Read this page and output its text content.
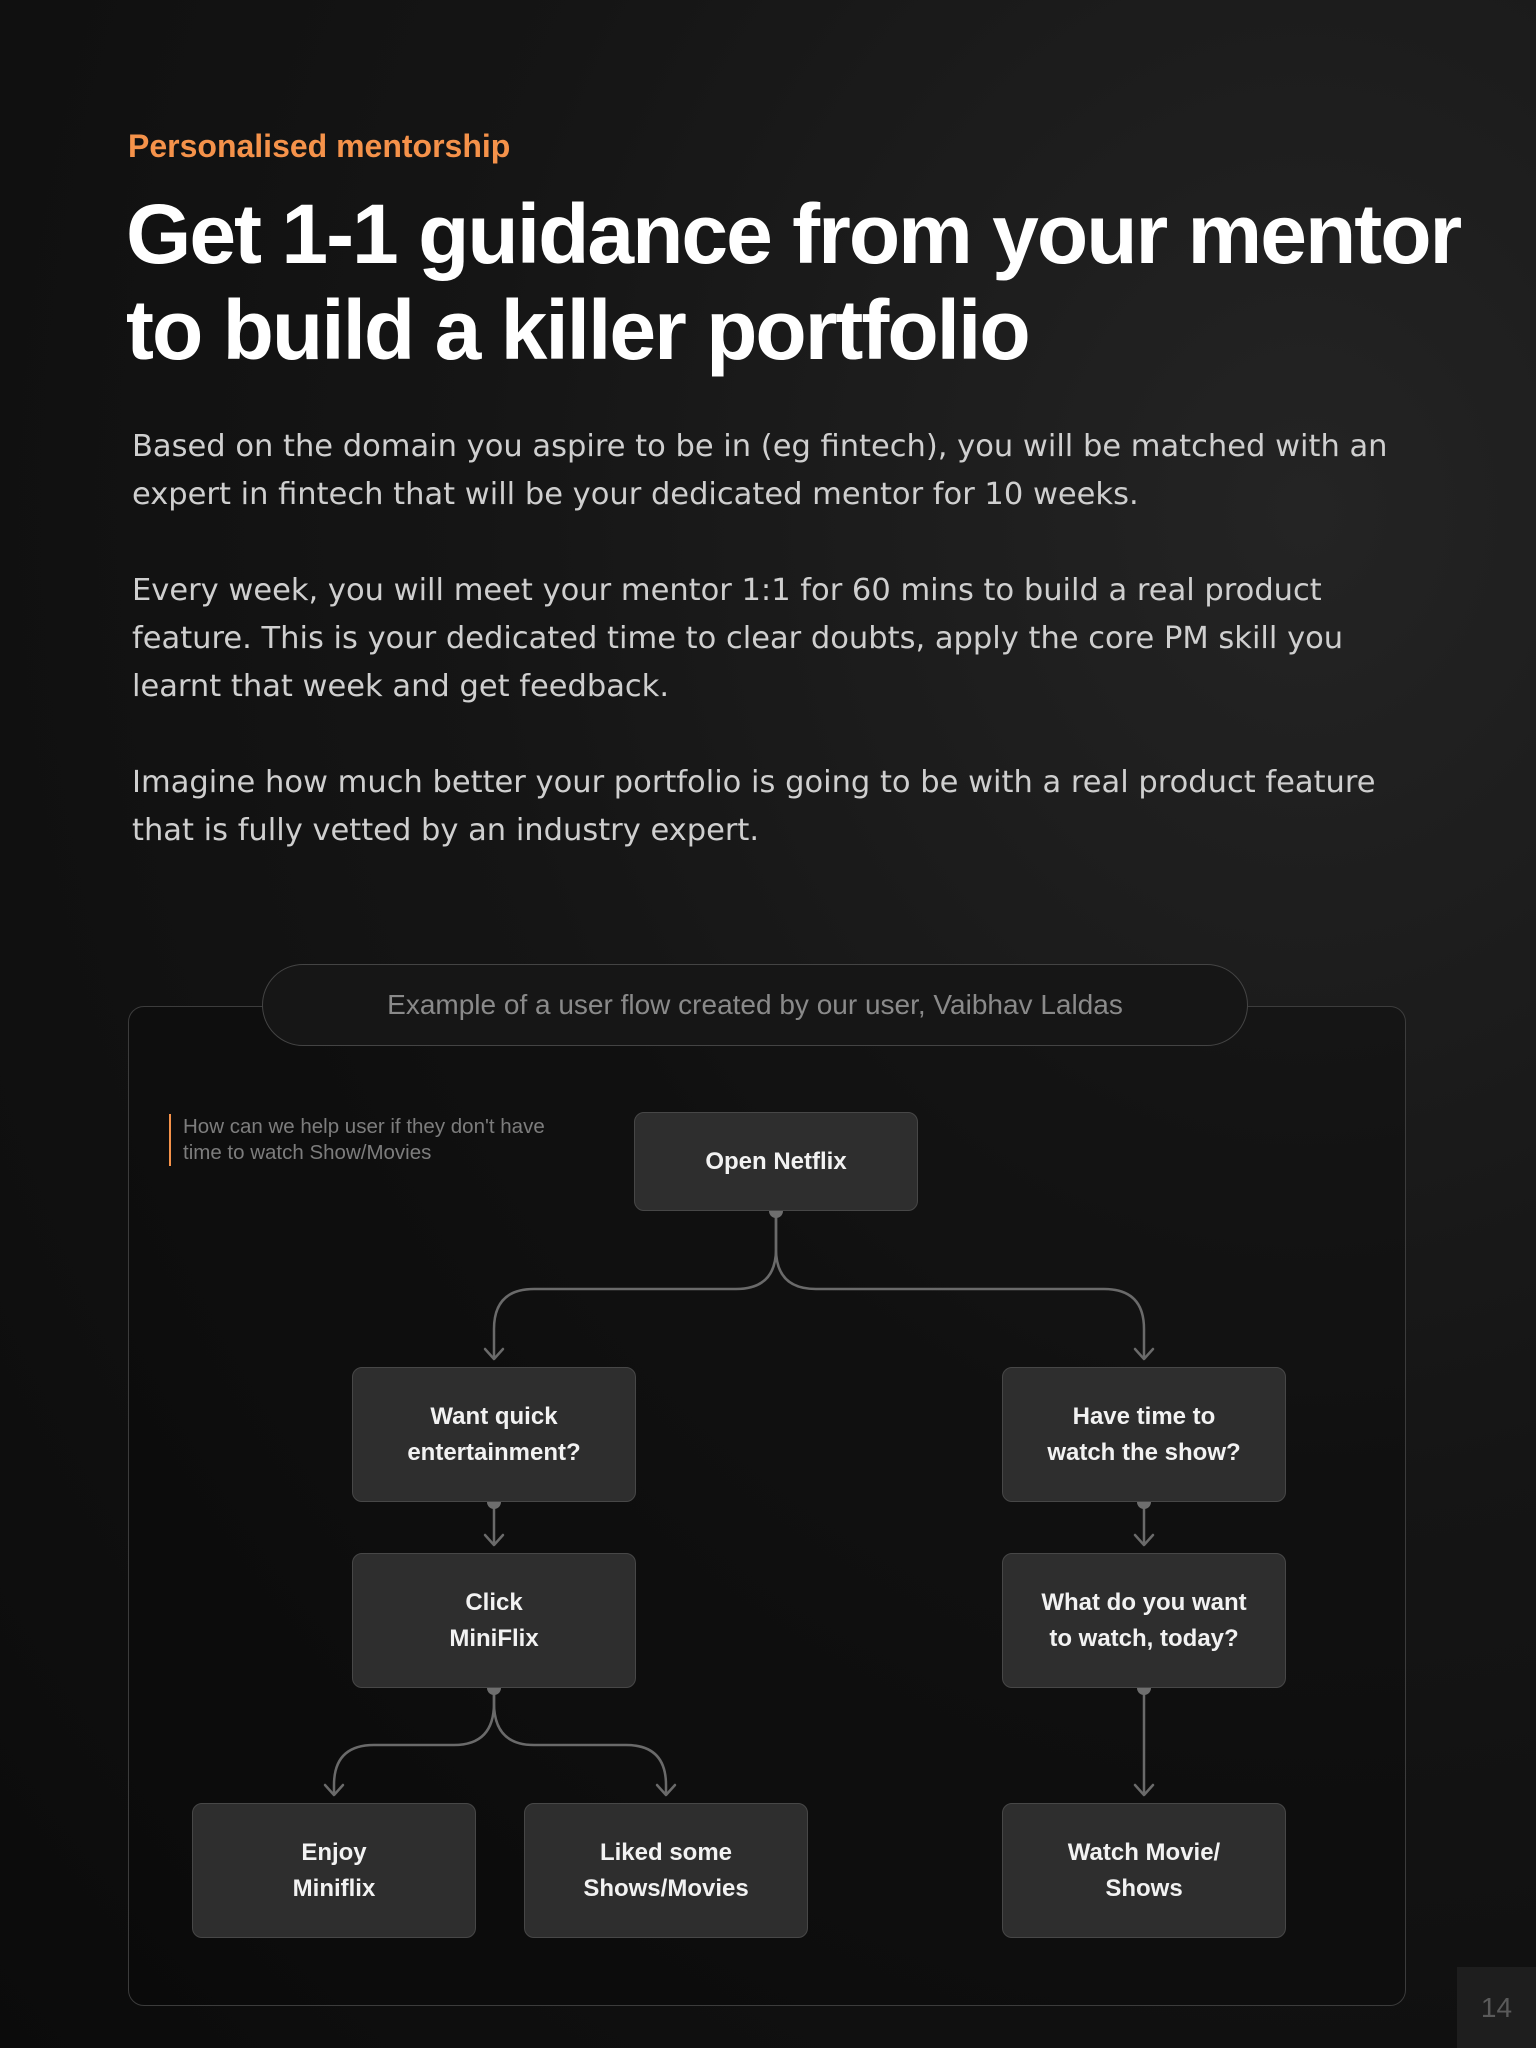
Personalised mentorship
Get 1-1 guidance from your mentor to build a killer portfolio

Based on the domain you aspire to be in (eg fintech), you will be matched with an expert in fintech that will be your dedicated mentor for 10 weeks.

Every week, you will meet your mentor 1:1 for 60 mins to build a real product feature. This is your dedicated time to clear doubts, apply the core PM skill you learnt that week and get feedback.

Imagine how much better your portfolio is going to be with a real product feature that is fully vetted by an industry expert.

Example of a user flow created by our user, Vaibhav Laldas
How can we help user if they don't have time to watch Show/Movies	Open Netflix
Want quick
entertainment?
Have time to
watch the show?
Click
MiniFlix
What do you want
to watch, today?
Enjoy
Miniflix
Liked some
Shows/Movies
Watch Movie/
Shows
14
